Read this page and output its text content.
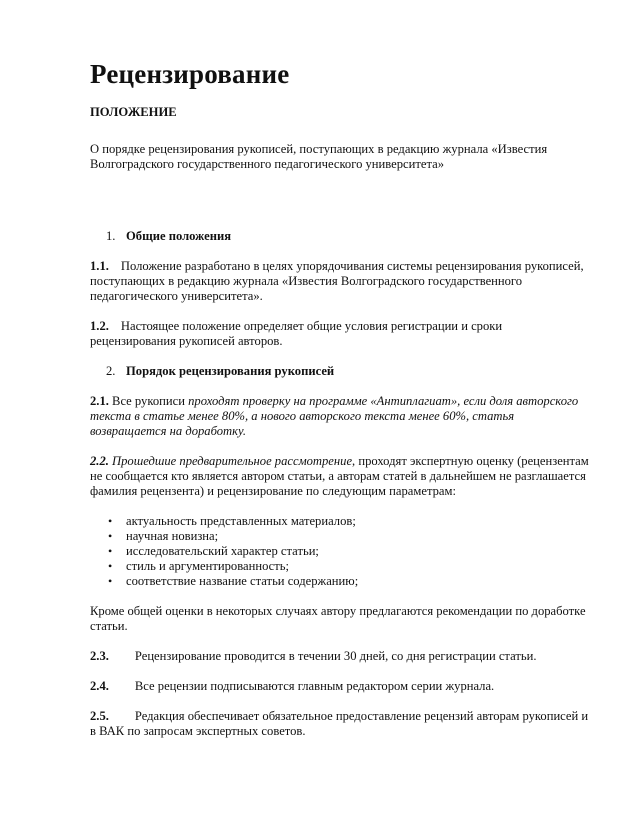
Рецензирование
ПОЛОЖЕНИЕ

О порядке рецензирования рукописей, поступающих в редакцию журнала «Известия Волгоградского государственного педагогического университета»

1. Общие положения

1.1. Положение разработано в целях упорядочивания системы рецензирования рукописей, поступающих в редакцию журнала «Известия Волгоградского государственного педагогического университета».

1.2. Настоящее положение определяет общие условия регистрации и сроки рецензирования рукописей авторов.

2. Порядок рецензирования рукописей

2.1. Все рукописи проходят проверку на программе «Антиплагиат», если доля авторского текста в статье менее 80%, а нового авторского текста менее 60%, статья возвращается на доработку.

2.2. Прошедшие предварительное рассмотрение, проходят экспертную оценку (рецензентам не сообщается кто является автором статьи, а авторам статей в дальнейшем не разглашается фамилия рецензента) и рецензирование по следующим параметрам:

• актуальность представленных материалов;
• научная новизна;
• исследовательский характер статьи;
• стиль и аргументированность;
• соответствие название статьи содержанию;

Кроме общей оценки в некоторых случаях автору предлагаются рекомендации по доработке статьи.

2.3. Рецензирование проводится в течении 30 дней, со дня регистрации статьи.

2.4. Все рецензии подписываются главным редактором серии журнала.

2.5. Редакция обеспечивает обязательное предоставление рецензий авторам рукописей и в ВАК по запросам экспертных советов.
